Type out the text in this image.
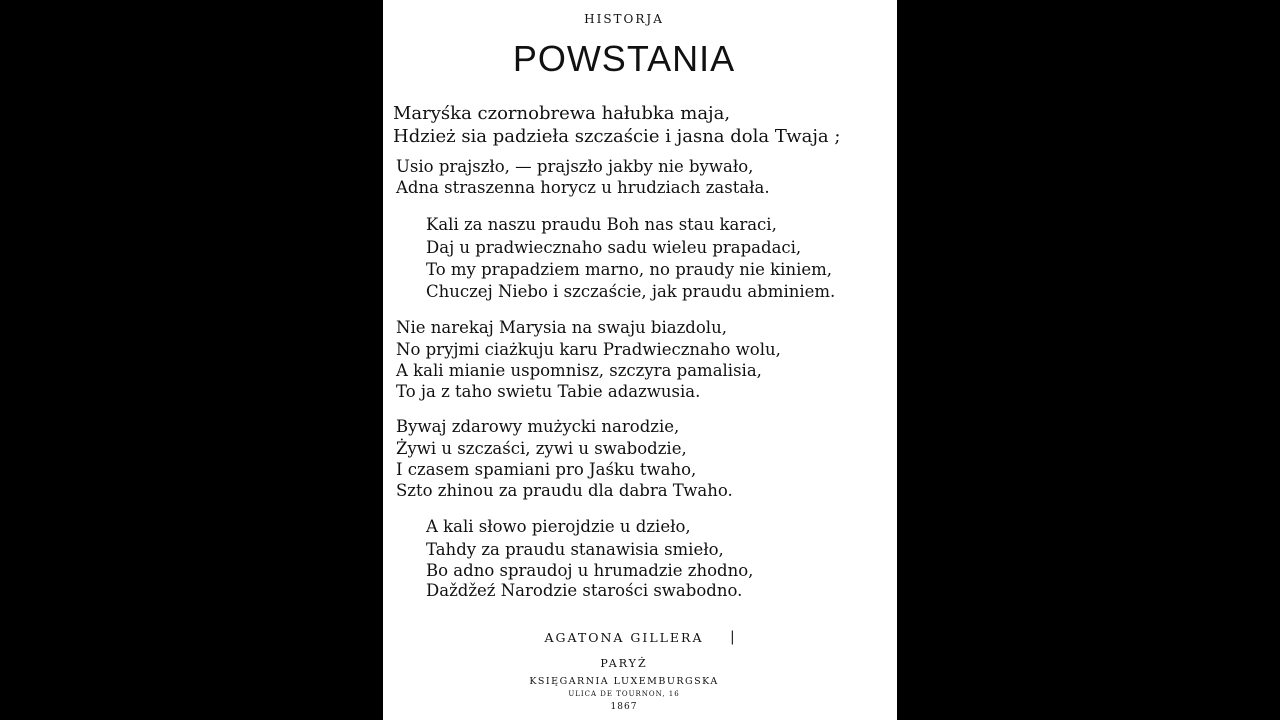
HISTORJA
POWSTANIA
Maryśka czornobrewa hałubka maja,
Hdzież sia padzieła szczaście i jasna dola Twaja ;
Usio prajszło, — prajszło jakby nie bywało,
Adna straszenna horycz u hrudziach zastała.
Kali za naszu praudu Boh nas stau karaci,
Daj u pradwiecznaho sadu wieleu prapadaci,
To my prapadziem marno, no praudy nie kiniem,
Chuczej Niebo i szczaście, jak praudu abminiem.
Nie narekaj Marysia na swaju biazdolu,
No pryjmi ciażkuju karu Pradwiecznaho wolu,
A kali mianie uspomnisz, szczyra pamalisia,
To ja z taho swietu Tabie adazwusia.
Bywaj zdarowy mużycki narodzie,
Żywi u szczaści, zywi u swabodzie,
I czasem spamiani pro Jaśku twaho,
Szto zhinou za praudu dla dabra Twaho.
A kali słowo pierojdzie u dzieło,
Tahdy za praudu stanawisia smieło,
Bo adno spraudoj u hrumadzie zhodno,
Daždžeź Narodzie starości swabodno.
AGATONA GILLERA	|
PARYŻ
KSIĘGARNIA LUXEMBURGSKA
ULICA DE TOURNON, 16
1867
